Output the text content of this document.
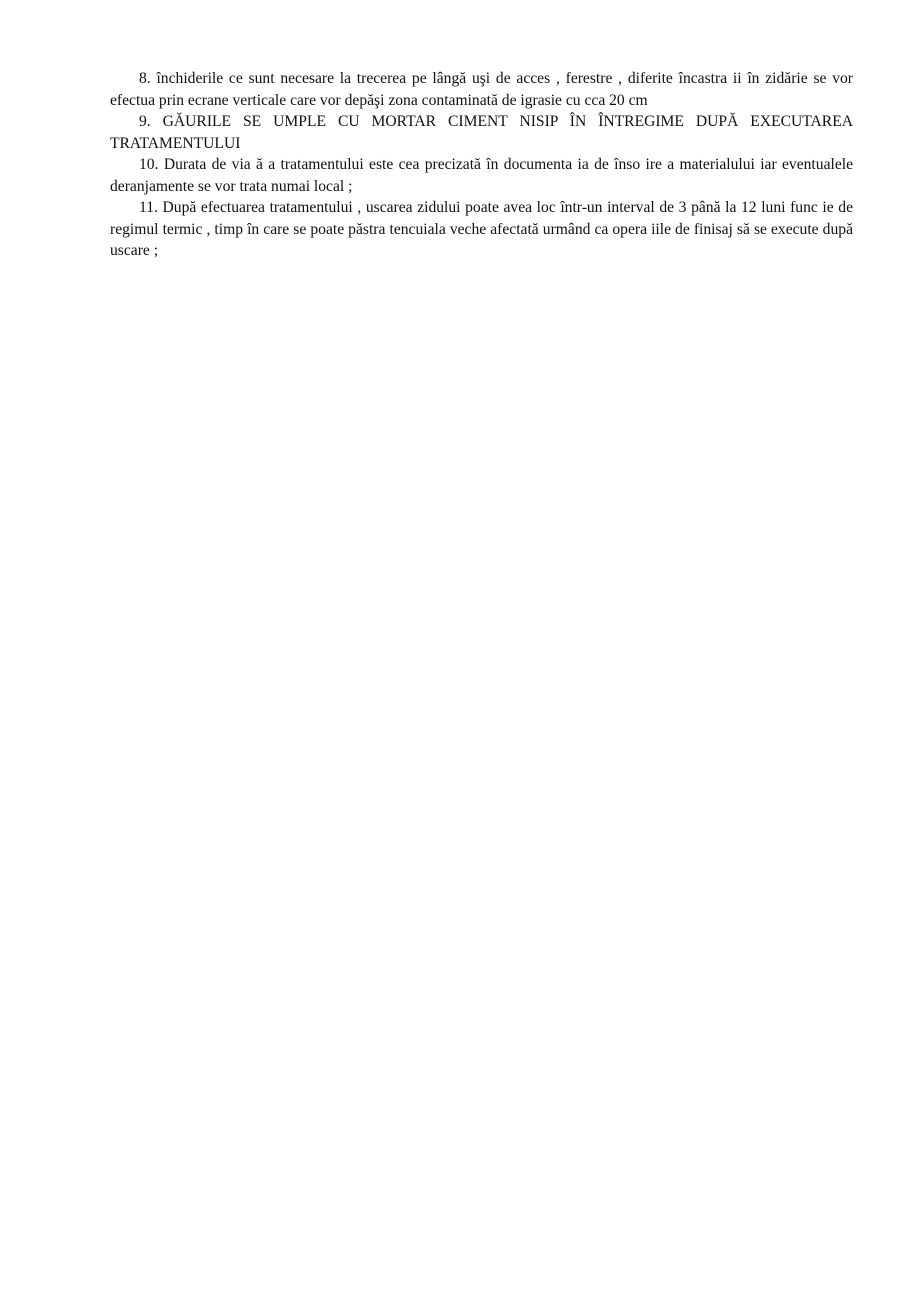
8. închiderile ce sunt necesare la trecerea pe lângă uşi de acces , ferestre , diferite încastra ii în zidărie se vor efectua prin ecrane verticale care vor depăşi zona contaminată de igrasie cu cca 20 cm

9. GĂURILE SE UMPLE CU MORTAR CIMENT NISIP ÎN ÎNTREGIME DUPĂ EXECUTAREA TRATAMENTULUI

10. Durata de via ă a tratamentului este cea precizată în documenta ia de înso ire a materialului iar eventualele deranjamente se vor trata numai local ;

11. După efectuarea tratamentului , uscarea zidului poate avea loc într-un interval de 3 până la 12 luni func ie de regimul termic , timp în care se poate păstra tencuiala veche afectată urmând ca opera iile de finisaj să se execute după uscare ;
